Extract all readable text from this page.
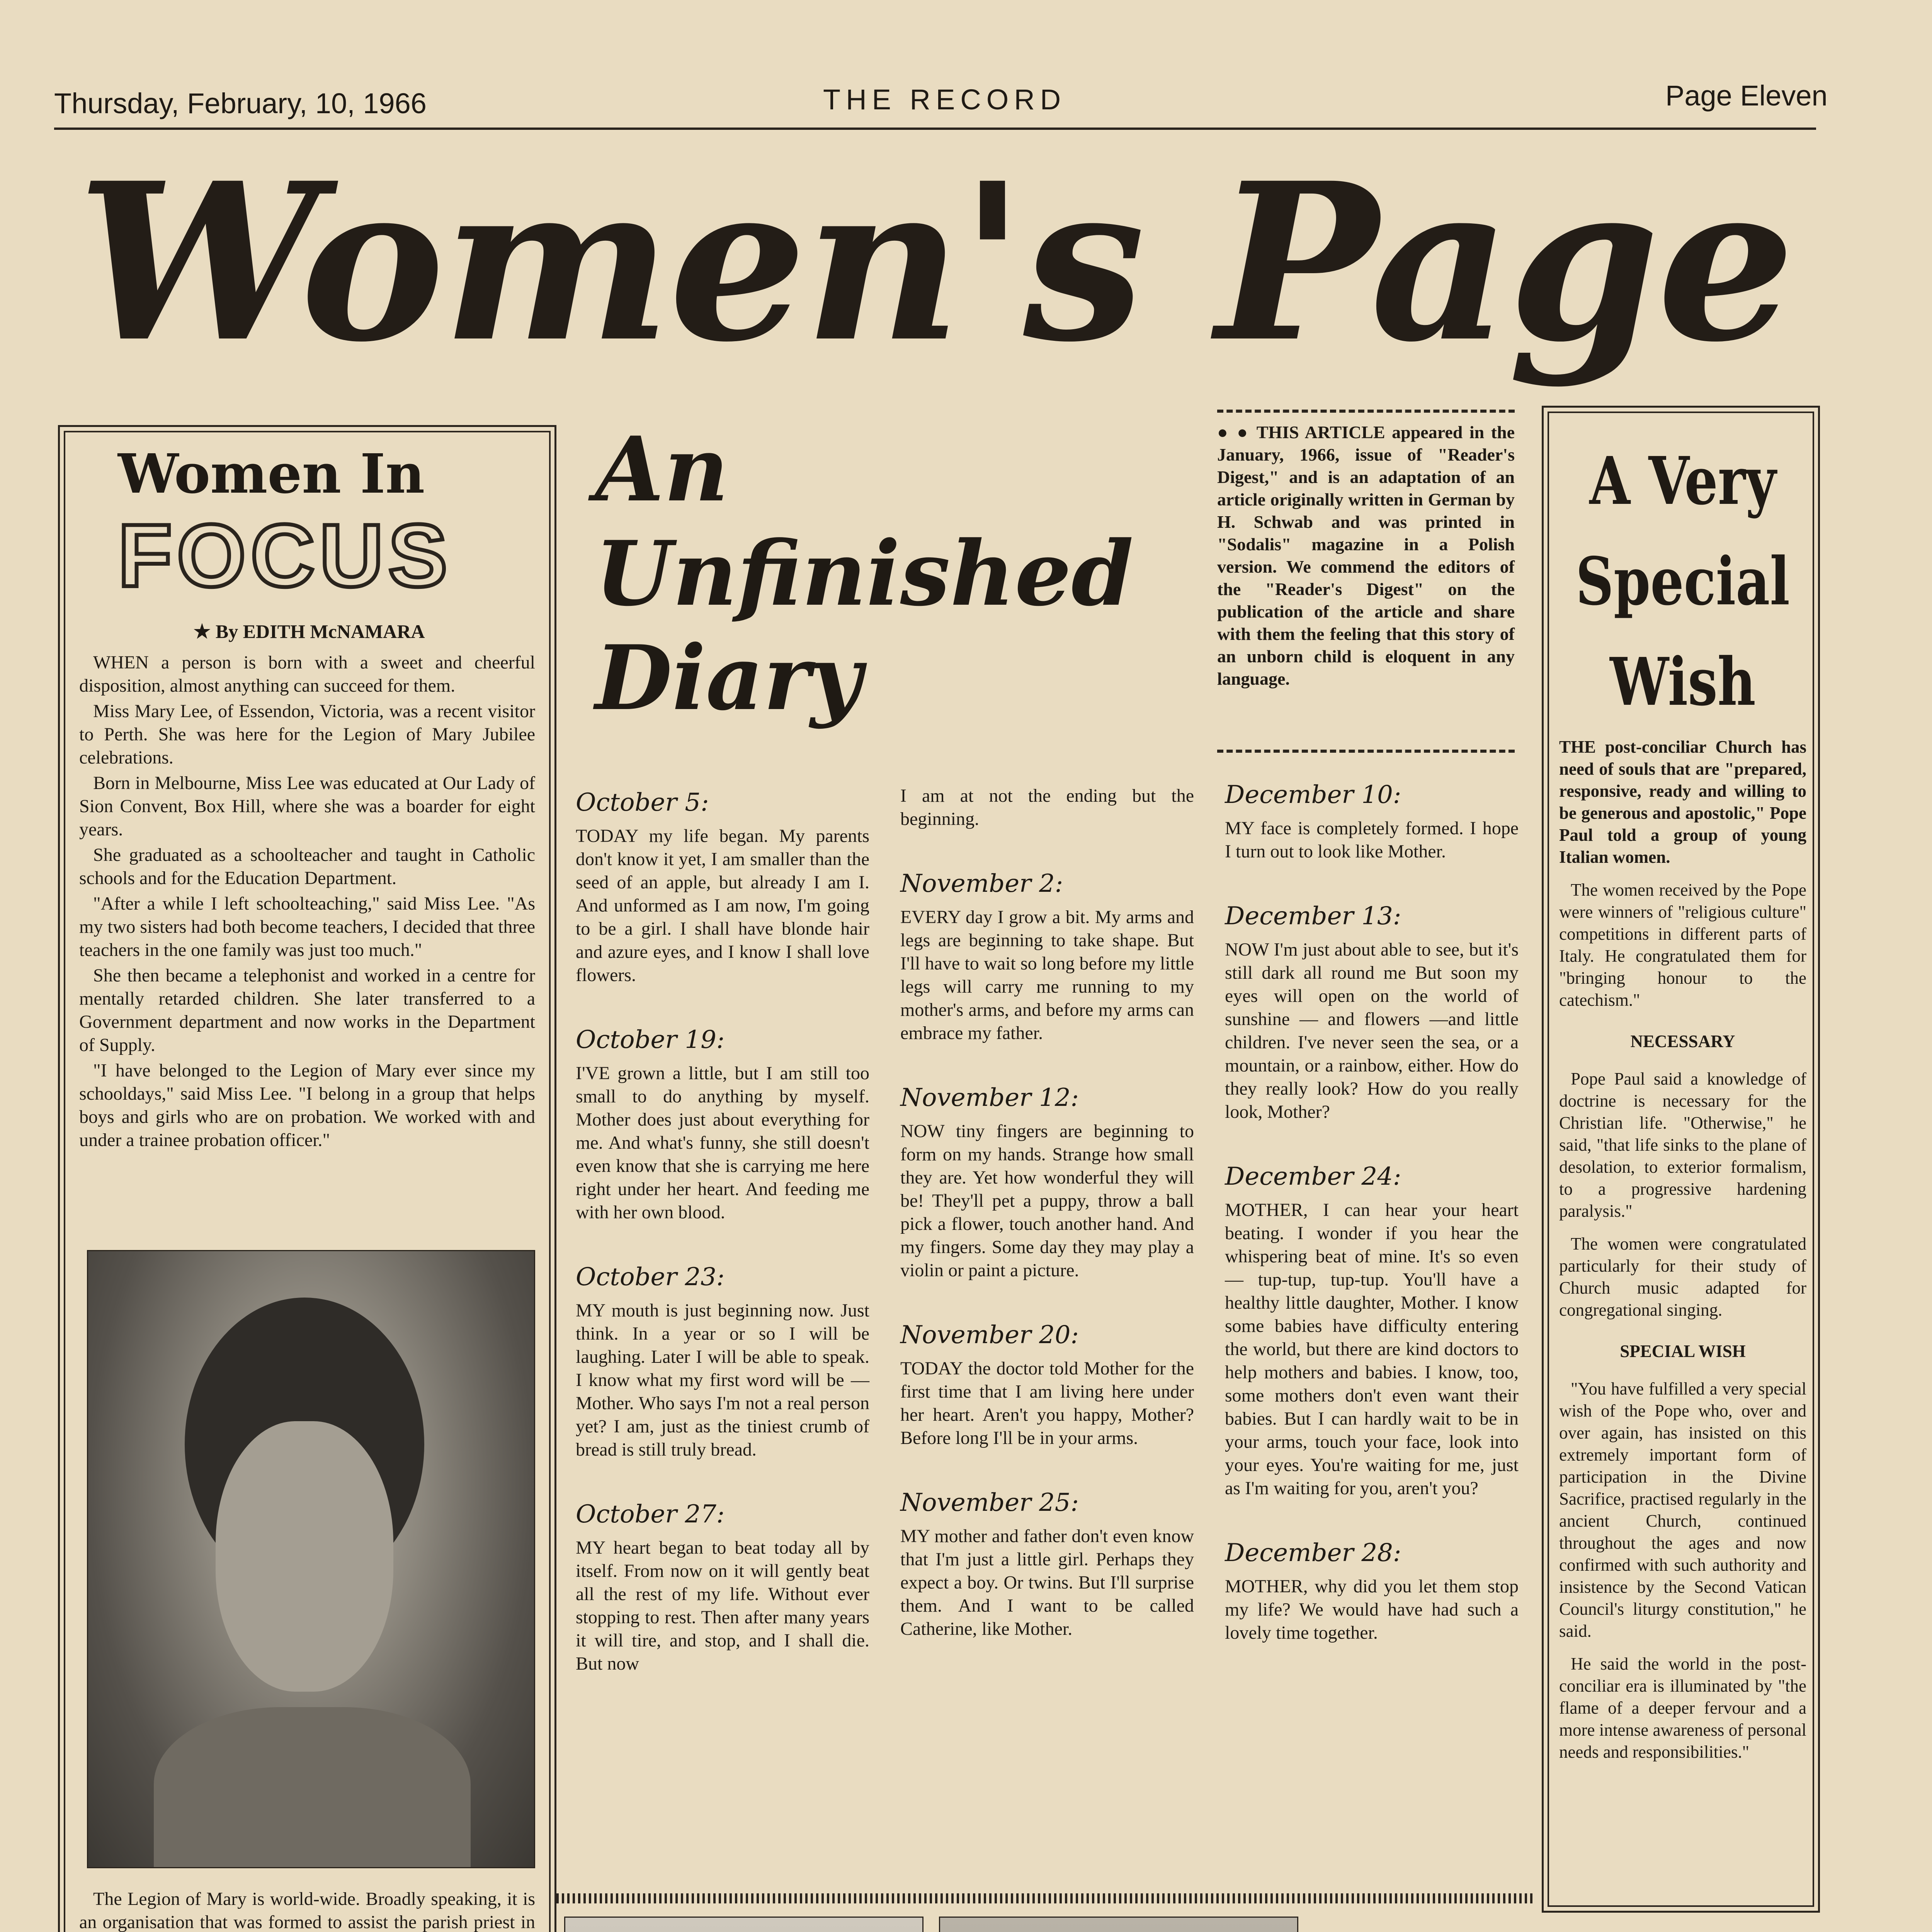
Thursday, February, 10, 1966	THE RECORD	Page Eleven
Women's Page
Women In
FOCUS
★ By EDITH McNAMARA

WHEN a person is born with a sweet and cheerful disposition, almost anything can succeed for them.

Miss Mary Lee, of Essendon, Victoria, was a recent visitor to Perth. She was here for the Legion of Mary Jubilee celebrations.

Born in Melbourne, Miss Lee was educated at Our Lady of Sion Convent, Box Hill, where she was a boarder for eight years.

She graduated as a schoolteacher and taught in Catholic schools and for the Education Department.

"After a while I left schoolteaching," said Miss Lee. "As my two sisters had both become teachers, I decided that three teachers in the one family was just too much."

She then became a telephonist and worked in a centre for mentally retarded children. She later transferred to a Government department and now works in the Department of Supply.

"I have belonged to the Legion of Mary ever since my schooldays," said Miss Lee. "I belong in a group that helps boys and girls who are on probation. We worked with and under a trainee probation officer."

The Legion of Mary is world-wide. Broadly speaking, it is an organisation that was formed to assist the parish priest in

An
Unfinished
Diary
● ● THIS ARTICLE appeared in the January, 1966, issue of "Reader's Digest," and is an adaptation of an article originally written in German by H. Schwab and was printed in "Sodalis" magazine in a Polish version. We commend the editors of the "Reader's Digest" on the publication of the article and share with them the feeling that this story of an unborn child is eloquent in any language.
October 5:

TODAY my life began. My parents don't know it yet, I am smaller than the seed of an apple, but already I am I. And unformed as I am now, I'm going to be a girl. I shall have blonde hair and azure eyes, and I know I shall love flowers.

October 19:

I'VE grown a little, but I am still too small to do anything by myself. Mother does just about everything for me. And what's funny, she still doesn't even know that she is carrying me here right under her heart. And feeding me with her own blood.

October 23:

MY mouth is just beginning now. Just think. In a year or so I will be laughing. Later I will be able to speak. I know what my first word will be — Mother. Who says I'm not a real person yet? I am, just as the tiniest crumb of bread is still truly bread.

October 27:

MY heart began to beat today all by itself. From now on it will gently beat all the rest of my life. Without ever stopping to rest. Then after many years it will tire, and stop, and I shall die. But now

I am at not the ending but the beginning.

November 2:

EVERY day I grow a bit. My arms and legs are beginning to take shape. But I'll have to wait so long before my little legs will carry me running to my mother's arms, and before my arms can embrace my father.

November 12:

NOW tiny fingers are beginning to form on my hands. Strange how small they are. Yet how wonderful they will be! They'll pet a puppy, throw a ball pick a flower, touch another hand. And my fingers. Some day they may play a violin or paint a picture.

November 20:

TODAY the doctor told Mother for the first time that I am living here under her heart. Aren't you happy, Mother? Before long I'll be in your arms.

November 25:

MY mother and father don't even know that I'm just a little girl. Perhaps they expect a boy. Or twins. But I'll surprise them. And I want to be called Catherine, like Mother.

December 10:

MY face is completely formed. I hope I turn out to look like Mother.

December 13:

NOW I'm just about able to see, but it's still dark all round me But soon my eyes will open on the world of sunshine — and flowers —and little children. I've never seen the sea, or a mountain, or a rainbow, either. How do they really look? How do you really look, Mother?

December 24:

MOTHER, I can hear your heart beating. I wonder if you hear the whispering beat of mine. It's so even — tup-tup, tup-tup. You'll have a healthy little daughter, Mother. I know some babies have difficulty entering the world, but there are kind doctors to help mothers and babies. I know, too, some mothers don't even want their babies. But I can hardly wait to be in your arms, touch your face, look into your eyes. You're waiting for me, just as I'm waiting for you, aren't you?

December 28:

MOTHER, why did you let them stop my life? We would have had such a lovely time together.

A Very
Special
Wish

THE post-conciliar Church has need of souls that are "prepared, responsive, ready and willing to be generous and apostolic," Pope Paul told a group of young Italian women.

The women received by the Pope were winners of "religious culture" competitions in different parts of Italy. He congratulated them for "bringing honour to the catechism."

NECESSARY

Pope Paul said a knowledge of doctrine is necessary for the Christian life. "Otherwise," he said, "that life sinks to the plane of desolation, to exterior formalism, to a progressive hardening paralysis."

The women were congratulated particularly for their study of Church music adapted for congregational singing.

SPECIAL WISH

"You have fulfilled a very special wish of the Pope who, over and over again, has insisted on this extremely important form of participation in the Divine Sacrifice, practised regularly in the ancient Church, continued throughout the ages and now confirmed with such authority and insistence by the Second Vatican Council's liturgy constitution," he said.

He said the world in the post-conciliar era is illuminated by "the flame of a deeper fervour and a more intense awareness of personal needs and responsibilities."
